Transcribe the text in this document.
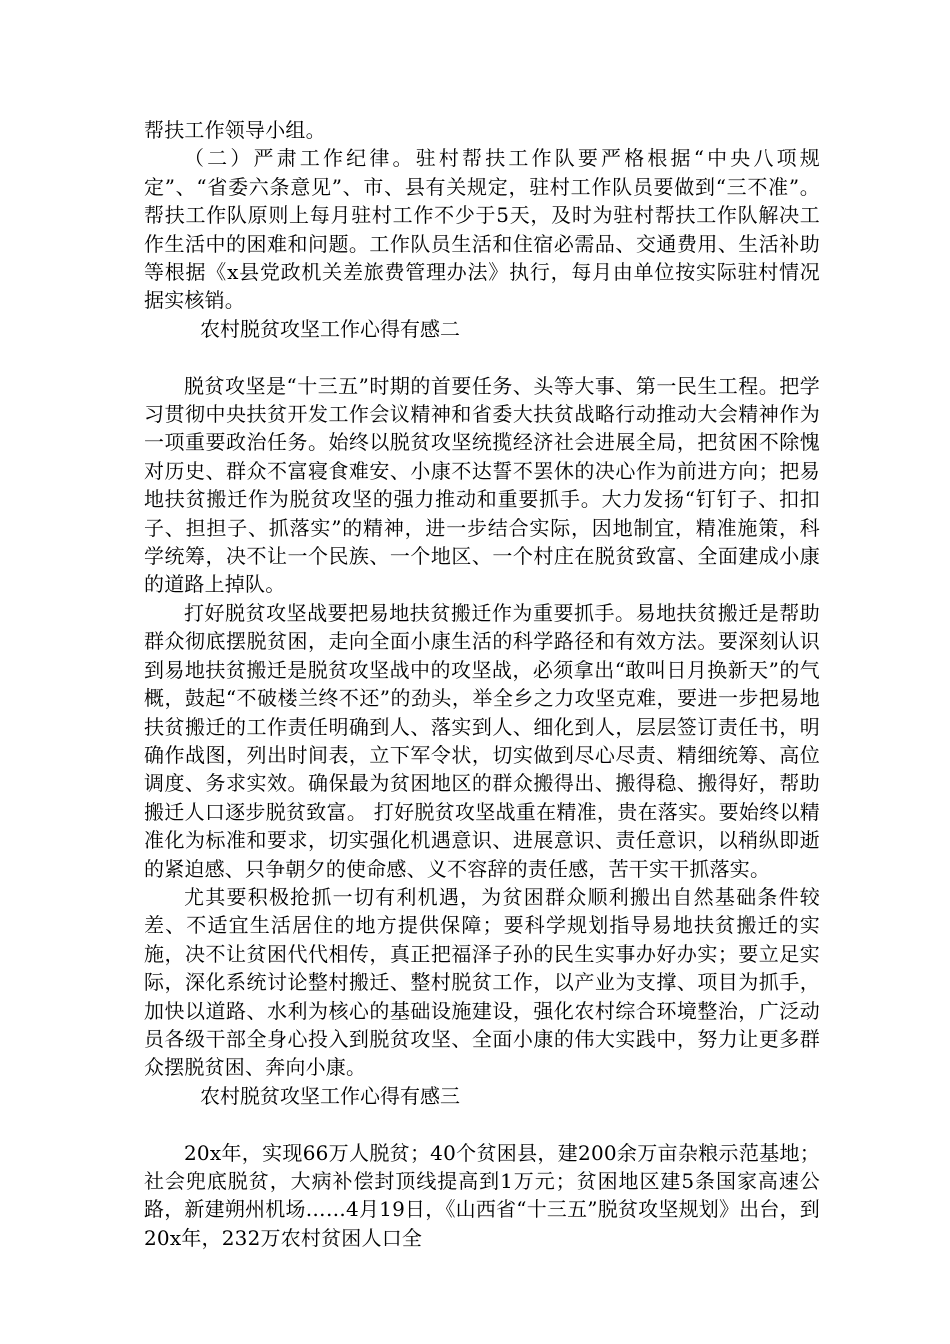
帮扶工作领导小组。

（二）严肃工作纪律。驻村帮扶工作队要严格根据“中央八项规定”、“省委六条意见”、市、县有关规定，驻村工作队员要做到“三不准”。帮扶工作队原则上每月驻村工作不少于5天，及时为驻村帮扶工作队解决工作生活中的困难和问题。工作队员生活和住宿必需品、交通费用、生活补助等根据《x县党政机关差旅费管理办法》执行，每月由单位按实际驻村情况据实核销。

农村脱贫攻坚工作心得有感二

脱贫攻坚是“十三五”时期的首要任务、头等大事、第一民生工程。把学习贯彻中央扶贫开发工作会议精神和省委大扶贫战略行动推动大会精神作为一项重要政治任务。始终以脱贫攻坚统揽经济社会进展全局，把贫困不除愧对历史、群众不富寝食难安、小康不达誓不罢休的决心作为前进方向；把易地扶贫搬迁作为脱贫攻坚的强力推动和重要抓手。大力发扬“钉钉子、扣扣子、担担子、抓落实”的精神，进一步结合实际，因地制宜，精准施策，科学统筹，决不让一个民族、一个地区、一个村庄在脱贫致富、全面建成小康的道路上掉队。

打好脱贫攻坚战要把易地扶贫搬迁作为重要抓手。易地扶贫搬迁是帮助群众彻底摆脱贫困，走向全面小康生活的科学路径和有效方法。要深刻认识到易地扶贫搬迁是脱贫攻坚战中的攻坚战，必须拿出“敢叫日月换新天”的气概，鼓起“不破楼兰终不还”的劲头，举全乡之力攻坚克难，要进一步把易地扶贫搬迁的工作责任明确到人、落实到人、细化到人，层层签订责任书，明确作战图，列出时间表，立下军令状，切实做到尽心尽责、精细统筹、高位调度、务求实效。确保最为贫困地区的群众搬得出、搬得稳、搬得好，帮助搬迁人口逐步脱贫致富。 打好脱贫攻坚战重在精准，贵在落实。要始终以精准化为标准和要求，切实强化机遇意识、进展意识、责任意识，以稍纵即逝的紧迫感、只争朝夕的使命感、义不容辞的责任感，苦干实干抓落实。

尤其要积极抢抓一切有利机遇，为贫困群众顺利搬出自然基础条件较差、不适宜生活居住的地方提供保障；要科学规划指导易地扶贫搬迁的实施，决不让贫困代代相传，真正把福泽子孙的民生实事办好办实；要立足实际，深化系统讨论整村搬迁、整村脱贫工作，以产业为支撑、项目为抓手，加快以道路、水利为核心的基础设施建设，强化农村综合环境整治，广泛动员各级干部全身心投入到脱贫攻坚、全面小康的伟大实践中，努力让更多群众摆脱贫困、奔向小康。

农村脱贫攻坚工作心得有感三

20x年，实现66万人脱贫；40个贫困县，建200余万亩杂粮示范基地；社会兜底脱贫，大病补偿封顶线提高到1万元；贫困地区建5条国家高速公路，新建朔州机场……4月19日，《山西省“十三五”脱贫攻坚规划》出台，到20x年，232万农村贫困人口全
